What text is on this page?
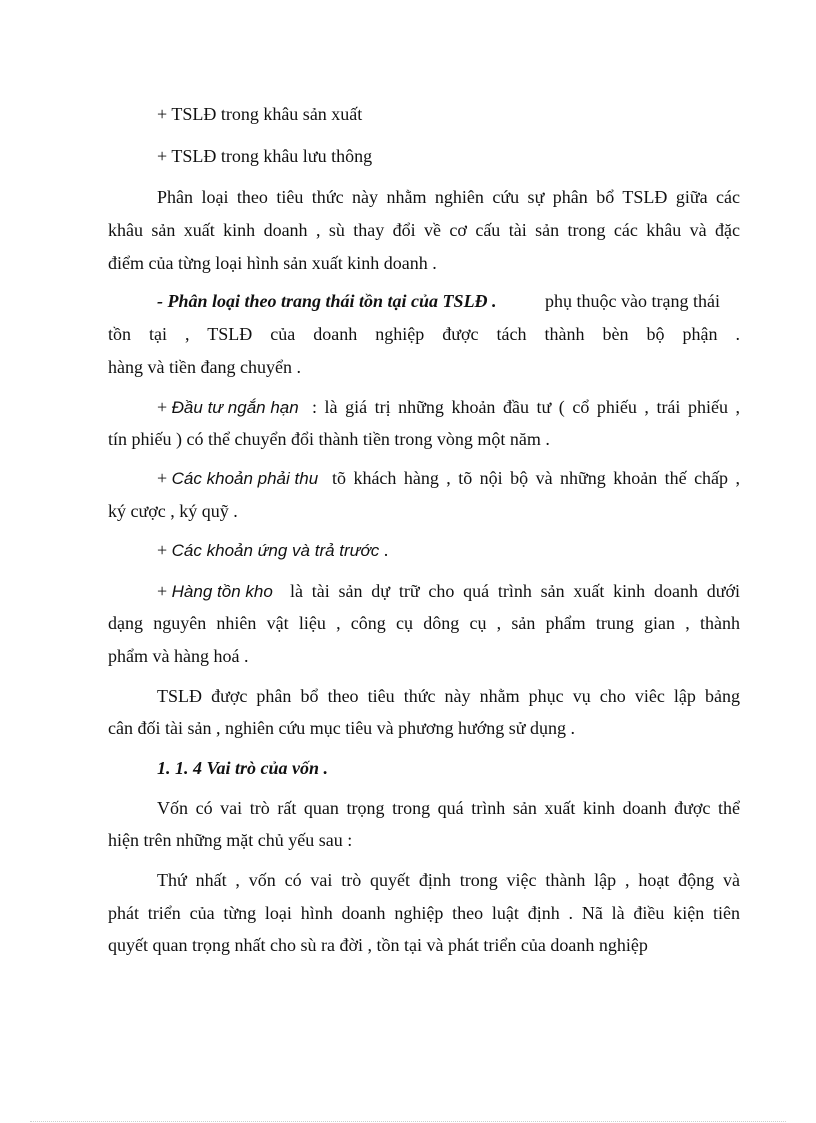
+ TSLĐ trong khâu sản xuất
+ TSLĐ trong khâu lưu thông
Phân loại theo tiêu thức này nhằm nghiên cứu sự phân bổ TSLĐ giữa các
khâu sản xuất kinh doanh , sù thay đổi về cơ cấu tài sản trong các khâu và đặc
điểm của từng loại hình sản xuất kinh doanh .
- Phân loại theo trang thái tồn tại của TSLĐ .	phụ thuộc vào trạng thái
tồn tại , TSLĐ của doanh nghiệp được tách thành bèn bộ phận .
hàng và tiền đang chuyển .
+ Đầu tư ngắn hạn : là giá trị những khoản đầu tư ( cổ phiếu , trái phiếu ,
tín phiếu ) có thể chuyển đổi thành tiền trong vòng một năm .
+ Các khoản phải thu tõ khách hàng , tõ nội bộ và những khoản thế chấp ,
ký cược , ký quỹ .
+ Các khoản ứng và trả trước .
+ Hàng tồn kho là tài sản dự trữ cho quá trình sản xuất kinh doanh dưới
dạng nguyên nhiên vật liệu , công cụ dông cụ , sản phẩm trung gian , thành
phẩm và hàng hoá .
TSLĐ được phân bổ theo tiêu thức này nhằm phục vụ cho viêc lập bảng
cân đối tài sản , nghiên cứu mục tiêu và phương hướng sử dụng .
1. 1. 4 Vai trò của vốn .
Vốn có vai trò rất quan trọng trong quá trình sản xuất kinh doanh được thể
hiện trên những mặt chủ yếu sau :
Thứ nhất , vốn có vai trò quyết định trong việc thành lập , hoạt động và
phát triển của từng loại hình doanh nghiệp theo luật định . Nã là điều kiện tiên
quyết quan trọng nhất cho sù ra đời , tồn tại và phát triển của doanh nghiệp
